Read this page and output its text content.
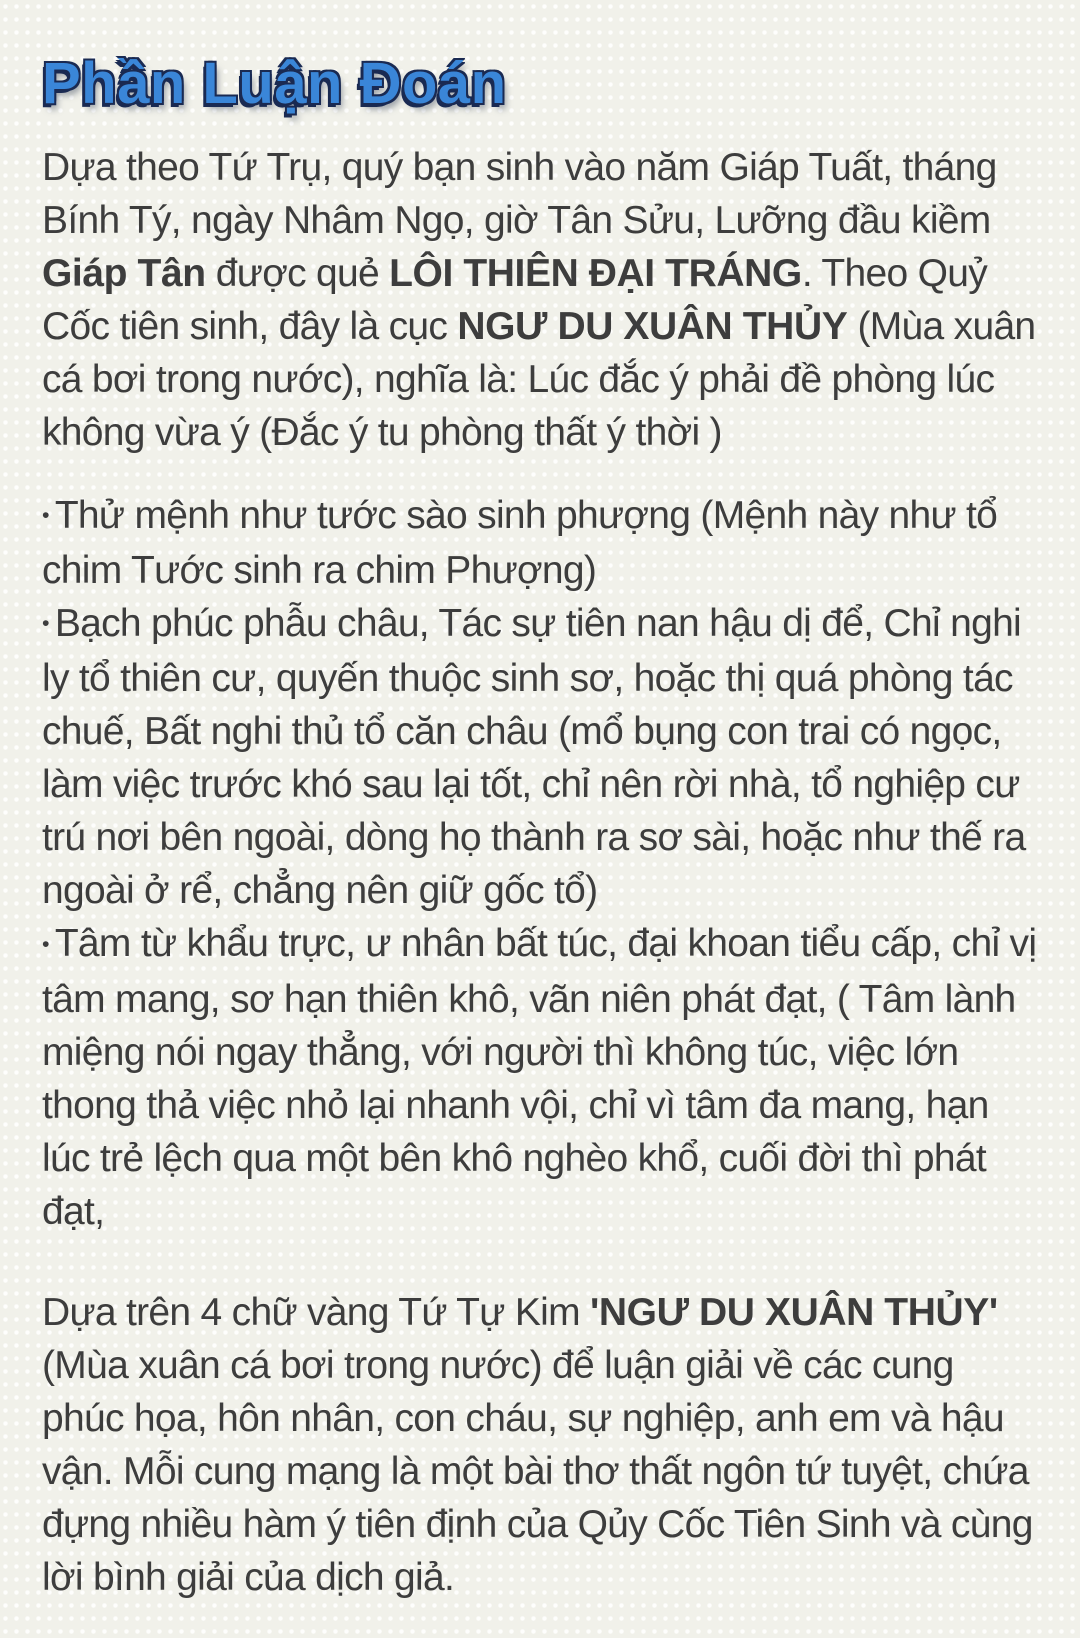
Phần Luận Đoán

Dựa theo Tứ Trụ, quý bạn sinh vào năm Giáp Tuất, tháng Bính Tý, ngày Nhâm Ngọ, giờ Tân Sửu, Lưỡng đầu kiềm Giáp Tân được quẻ LÔI THIÊN ĐẠI TRÁNG. Theo Quỷ Cốc tiên sinh, đây là cục NGƯ DU XUÂN THỦY (Mùa xuân cá bơi trong nước), nghĩa là: Lúc đắc ý phải đề phòng lúc không vừa ý (Đắc ý tu phòng thất ý thời )

• Thử mệnh như tước sào sinh phượng (Mệnh này như tổ chim Tước sinh ra chim Phượng)

• Bạch phúc phẫu châu, Tác sự tiên nan hậu dị để, Chỉ nghi ly tổ thiên cư, quyến thuộc sinh sơ, hoặc thị quá phòng tác chuế, Bất nghi thủ tổ căn châu (mổ bụng con trai có ngọc, làm việc trước khó sau lại tốt, chỉ nên rời nhà, tổ nghiệp cư trú nơi bên ngoài, dòng họ thành ra sơ sài, hoặc như thế ra ngoài ở rể, chẳng nên giữ gốc tổ)

• Tâm từ khẩu trực, ư nhân bất túc, đại khoan tiểu cấp, chỉ vị tâm mang, sơ hạn thiên khô, vãn niên phát đạt, ( Tâm lành miệng nói ngay thẳng, với người thì không túc, việc lớn thong thả việc nhỏ lại nhanh vội, chỉ vì tâm đa mang, hạn lúc trẻ lệch qua một bên khô nghèo khổ, cuối đời thì phát đạt,

Dựa trên 4 chữ vàng Tứ Tự Kim 'NGƯ DU XUÂN THỦY' (Mùa xuân cá bơi trong nước) để luận giải về các cung phúc họa, hôn nhân, con cháu, sự nghiệp, anh em và hậu vận. Mỗi cung mạng là một bài thơ thất ngôn tứ tuyệt, chứa đựng nhiều hàm ý tiên định của Qủy Cốc Tiên Sinh và cùng lời bình giải của dịch giả.
